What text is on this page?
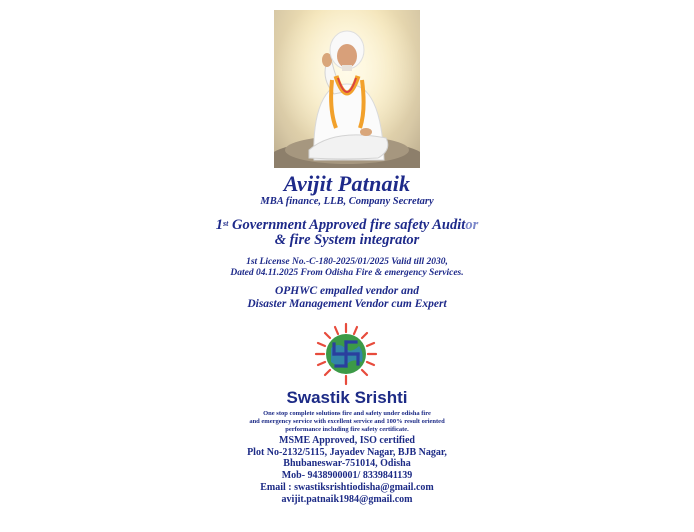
Avijit Patnaik
MBA finance, LLB, Company Secretary
1st Government Approved fire safety Auditor
& fire System integrator
1st License No.-C-180-2025/01/2025 Valid till 2030,
Dated 04.11.2025 From Odisha Fire & emergency Services.
OPHWC empalled vendor and
Disaster Management Vendor cum Expert
Swastik Srishti
One stop complete solutions fire and safety under odisha fire
and emergency service with excellent service and 100% result oriented
performance including fire safety certificate.
MSME Approved, ISO certified
Plot No-2132/5115, Jayadev Nagar, BJB Nagar,
Bhubaneswar-751014, Odisha
Mob- 9438900001/ 8339841139
Email : swastiksrishtiodisha@gmail.com
avijit.patnaik1984@gmail.com
